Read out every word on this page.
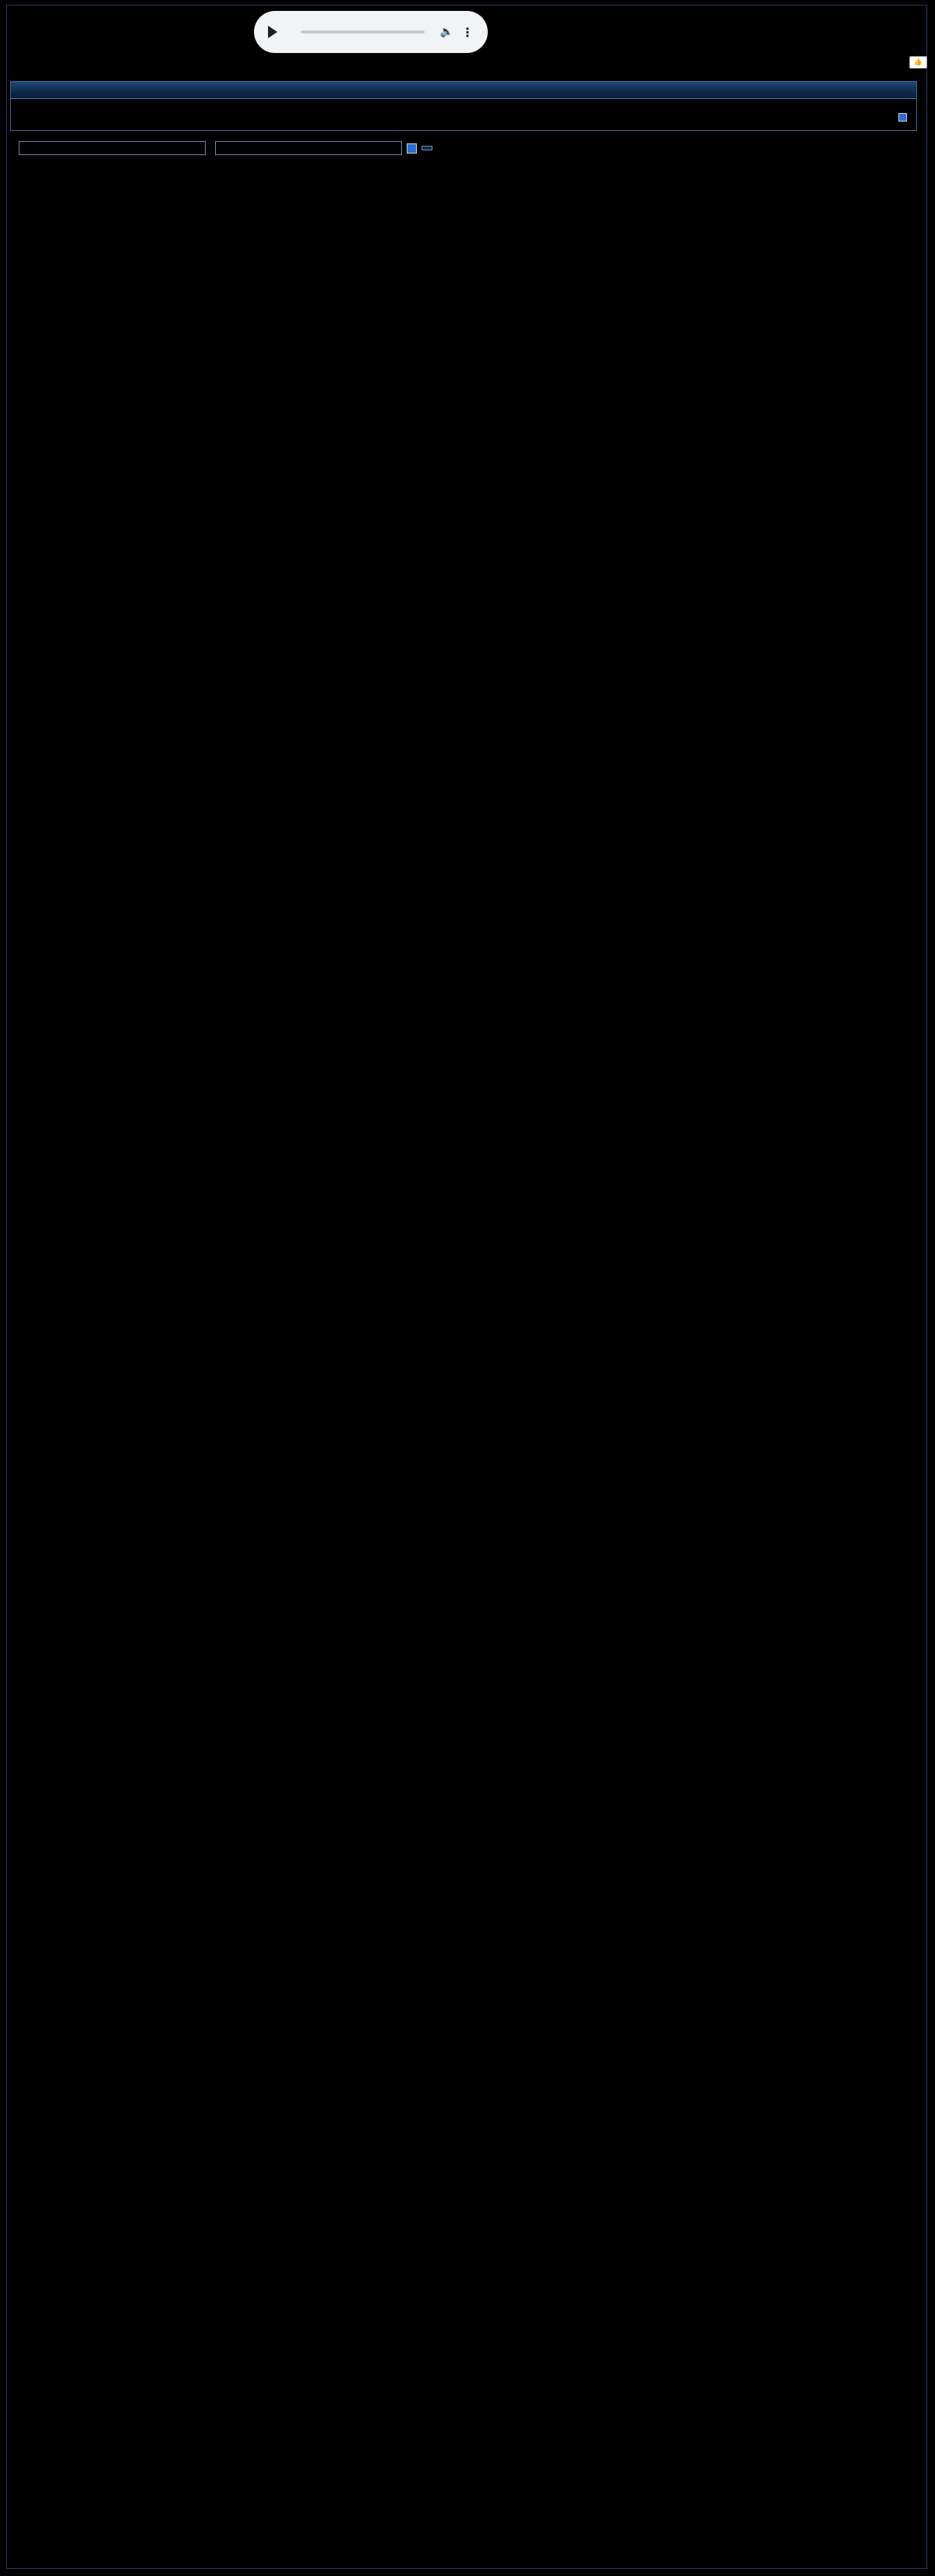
🔈 ⋮
👍
